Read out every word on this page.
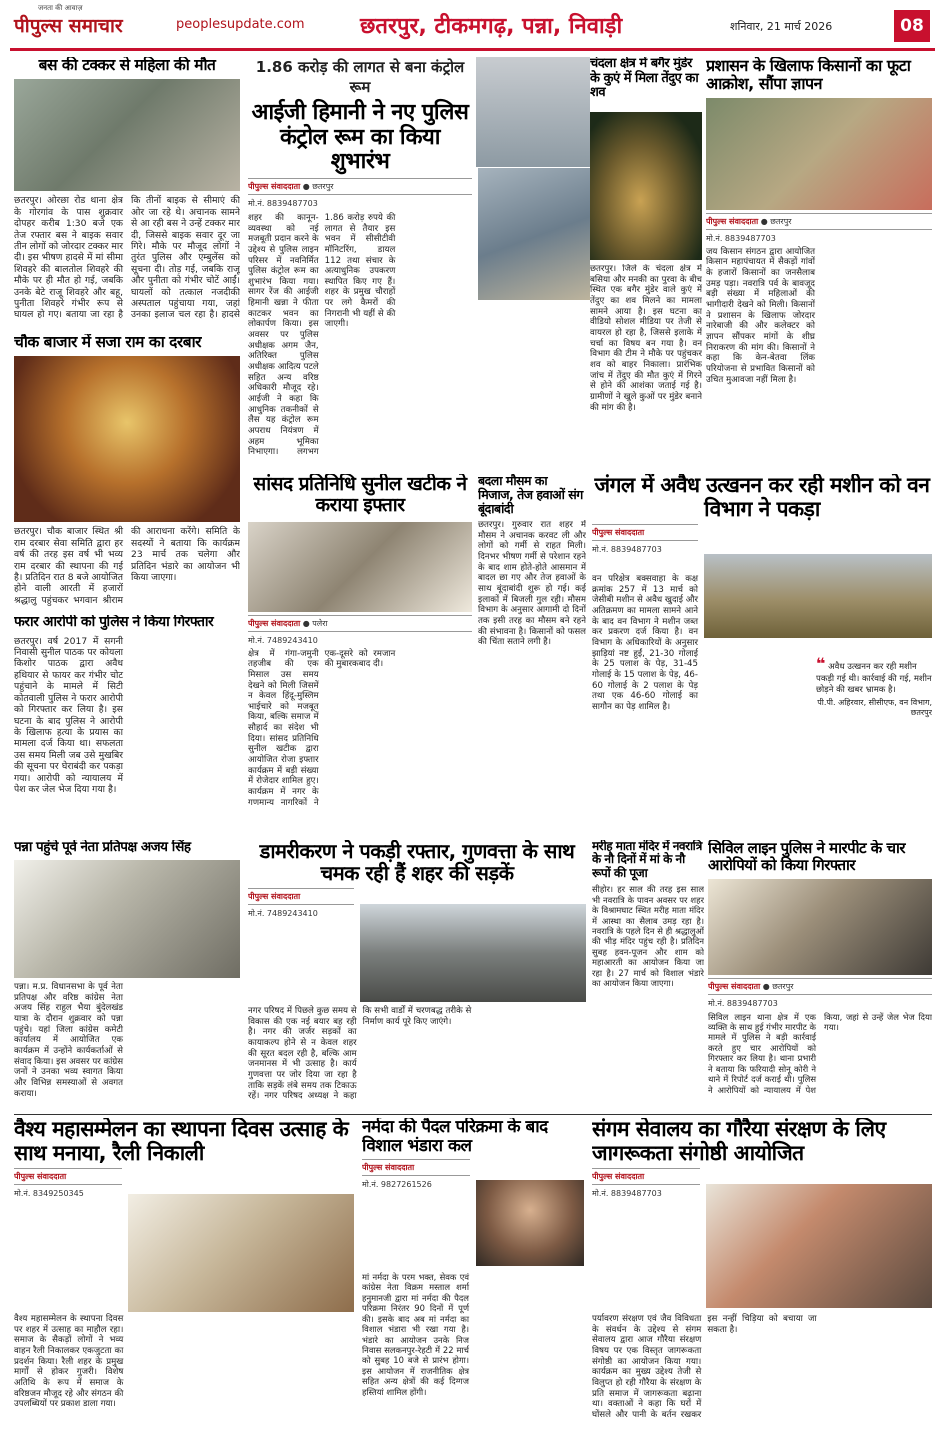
पीपुल्स समाचार
जनता की आवाज़
peoplesupdate.com	छतरपुर, टीकमगढ़, पन्ना, निवाड़ी	शनिवार, 21 मार्च 2026	08
बस की टक्कर से महिला की मौत
छतरपुर। ओरछा रोड थाना क्षेत्र के गोरगांव के पास शुक्रवार दोपहर करीब 1:30 बजे एक तेज रफ्तार बस ने बाइक सवार तीन लोगों को जोरदार टक्कर मार दी। इस भीषण हादसे में मां सीमा शिवहरे की बालतोल शिवहरे की मौके पर ही मौत हो गई, जबकि उनके बेटे राजू शिवहरे और बहू, पुनीता शिवहरे गंभीर रूप से घायल हो गए। बताया जा रहा है कि तीनों बाइक से सीमाएं की ओर जा रहे थे। अचानक सामने से आ रही बस ने उन्हें टक्कर मार दी, जिससे बाइक सवार दूर जा गिरे। मौके पर मौजूद लोगों ने तुरंत पुलिस और एम्बुलेंस को सूचना दी। तोड़ गई, जबकि राजू और पुनीता को गंभीर चोटें आईं। घायलों को तत्काल नजदीकी अस्पताल पहुंचाया गया, जहां उनका इलाज चल रहा है। हादसे
चौक बाजार में सजा राम का दरबार
छतरपुर। चौक बाजार स्थित श्री राम दरबार सेवा समिति द्वारा हर वर्ष की तरह इस वर्ष भी भव्य राम दरबार की स्थापना की गई है। प्रतिदिन रात 8 बजे आयोजित होने वाली आरती में हजारों श्रद्धालु पहुंचकर भगवान श्रीराम की आराधना करेंगे। समिति के सदस्यों ने बताया कि कार्यक्रम 23 मार्च तक चलेगा और प्रतिदिन भंडारे का आयोजन भी किया जाएगा।
फरार आरोपी को पुलिस ने किया गिरफ्तार
छतरपुर। वर्ष 2017 में सगनी निवासी सुनील पाठक पर कोयला किशोर पाठक द्वारा अवैध हथियार से फायर कर गंभीर चोट पहुंचाने के मामले में सिटी कोतवाली पुलिस ने फरार आरोपी को गिरफ्तार कर लिया है। इस घटना के बाद पुलिस ने आरोपी के खिलाफ हत्या के प्रयास का मामला दर्ज किया था। सफलता उस समय मिली जब उसे मुखबिर की सूचना पर घेराबंदी कर पकड़ा गया। आरोपी को न्यायालय में पेश कर जेल भेज दिया गया है।
1.86 करोड़ की लागत से बना कंट्रोल रूम
आईजी हिमानी ने नए पुलिस कंट्रोल रूम का किया शुभारंभ
पीपुल्स संवाददाता ● छतरपुर
मो.नं. 8839487703
शहर की कानून-व्यवस्था को नई मजबूती प्रदान करने के उद्देश्य से पुलिस लाइन परिसर में नवनिर्मित पुलिस कंट्रोल रूम का शुभारंभ किया गया। सागर रेंज की आईजी हिमानी खन्ना ने फीता काटकर भवन का लोकार्पण किया। इस अवसर पर पुलिस अधीक्षक अगम जैन, अतिरिक्त पुलिस अधीक्षक आदित्य पटले सहित अन्य वरिष्ठ अधिकारी मौजूद रहे। आईजी ने कहा कि आधुनिक तकनीकों से लैस यह कंट्रोल रूम अपराध नियंत्रण में अहम भूमिका निभाएगा। लगभग 1.86 करोड़ रुपये की लागत से तैयार इस भवन में सीसीटीवी मॉनिटरिंग, डायल 112 तथा संचार के अत्याधुनिक उपकरण स्थापित किए गए हैं। शहर के प्रमुख चौराहों पर लगे कैमरों की निगरानी भी यहीं से की जाएगी।
चंदला क्षेत्र में बगैर मुंडेर के कुएं में मिला तेंदुए का शव
छतरपुर। जिले के चंदला क्षेत्र में बसिया और मनकी का पुरवा के बीच स्थित एक बगैर मुंडेर वाले कुएं में तेंदुए का शव मिलने का मामला सामने आया है। इस घटना का वीडियो सोशल मीडिया पर तेजी से वायरल हो रहा है, जिससे इलाके में चर्चा का विषय बन गया है। वन विभाग की टीम ने मौके पर पहुंचकर शव को बाहर निकाला। प्रारंभिक जांच में तेंदुए की मौत कुएं में गिरने से होने की आशंका जताई गई है। ग्रामीणों ने खुले कुओं पर मुंडेर बनाने की मांग की है।
प्रशासन के खिलाफ किसानों का फूटा आक्रोश, सौंपा ज्ञापन
पीपुल्स संवाददाता ● छतरपुर
मो.नं. 8839487703
जय किसान संगठन द्वारा आयोजित किसान महापंचायत में सैकड़ों गांवों के हजारों किसानों का जनसैलाब उमड़ पड़ा। नवरात्रि पर्व के बावजूद बड़ी संख्या में महिलाओं की भागीदारी देखने को मिली। किसानों ने प्रशासन के खिलाफ जोरदार नारेबाजी की और कलेक्टर को ज्ञापन सौंपकर मांगों के शीघ्र निराकरण की मांग की। किसानों ने कहा कि केन-बेतवा लिंक परियोजना से प्रभावित किसानों को उचित मुआवजा नहीं मिला है।
सांसद प्रतिनिधि सुनील खटीक ने कराया इफ्तार
पीपुल्स संवाददाता ● पलेरा
मो.नं. 7489243410
क्षेत्र में गंगा-जमुनी तहजीब की एक मिसाल उस समय देखने को मिली जिसमें न केवल हिंदू-मुस्लिम भाईचारे को मजबूत किया, बल्कि समाज में सौहार्द का संदेश भी दिया। सांसद प्रतिनिधि सुनील खटीक द्वारा आयोजित रोजा इफ्तार कार्यक्रम में बड़ी संख्या में रोजेदार शामिल हुए। कार्यक्रम में नगर के गणमान्य नागरिकों ने एक-दूसरे को रमजान की मुबारकबाद दी।
बदला मौसम का मिजाज, तेज हवाओं संग बूंदाबांदी
छतरपुर। गुरुवार रात शहर में मौसम ने अचानक करवट ली और लोगों को गर्मी से राहत मिली। दिनभर भीषण गर्मी से परेशान रहने के बाद शाम होते-होते आसमान में बादल छा गए और तेज हवाओं के साथ बूंदाबांदी शुरू हो गई। कई इलाकों में बिजली गुल रही। मौसम विभाग के अनुसार आगामी दो दिनों तक इसी तरह का मौसम बने रहने की संभावना है। किसानों को फसल की चिंता सताने लगी है।
जंगल में अवैध उत्खनन कर रही मशीन को वन विभाग ने पकड़ा
पीपुल्स संवाददाता
मो.नं. 8839487703
वन परिक्षेत्र बक्सवाहा के कक्ष क्रमांक 257 में 13 मार्च को जेसीबी मशीन से अवैध खुदाई और अतिक्रमण का मामला सामने आने के बाद वन विभाग ने मशीन जब्त कर प्रकरण दर्ज किया है। वन विभाग के अधिकारियों के अनुसार झाड़ियां नष्ट हुईं, 21-30 गोलाई के 25 पलाश के पेड़, 31-45 गोलाई के 15 पलाश के पेड़, 46-60 गोलाई के 2 पलाश के पेड़ तथा एक 46-60 गोलाई का सागौन का पेड़ शामिल है।
❝ अवैध उत्खनन कर रही मशीन पकड़ी गई थी। कार्रवाई की गई, मशीन छोड़ने की खबर भ्रामक है।
पी.पी. अहिरवार, सीसीएफ, वन विभाग, छतरपुर
पन्ना पहुंचे पूर्व नेता प्रतिपक्ष अजय सिंह
पन्ना। म.प्र. विधानसभा के पूर्व नेता प्रतिपक्ष और वरिष्ठ कांग्रेस नेता अजय सिंह राहुल भैया बुंदेलखंड यात्रा के दौरान शुक्रवार को पन्ना पहुंचे। यहां जिला कांग्रेस कमेटी कार्यालय में आयोजित एक कार्यक्रम में उन्होंने कार्यकर्ताओं से संवाद किया। इस अवसर पर कांग्रेस जनों ने उनका भव्य स्वागत किया और विभिन्न समस्याओं से अवगत कराया।
डामरीकरण ने पकड़ी रफ्तार, गुणवत्ता के साथ चमक रही हैं शहर की सड़कें
पीपुल्स संवाददाता
मो.नं. 7489243410
नगर परिषद में पिछले कुछ समय से विकास की एक नई बयार बह रही है। नगर की जर्जर सड़कों का कायाकल्प होने से न केवल शहर की सूरत बदल रही है, बल्कि आम जनमानस में भी उत्साह है। कार्य गुणवत्ता पर जोर दिया जा रहा है ताकि सड़कें लंबे समय तक टिकाऊ रहें। नगर परिषद अध्यक्ष ने कहा कि सभी वार्डों में चरणबद्ध तरीके से निर्माण कार्य पूरे किए जाएंगे।
मरीह माता मंदिर में नवरात्रि के नौ दिनों में मां के नौ रूपों की पूजा
सीहोर। हर साल की तरह इस साल भी नवरात्रि के पावन अवसर पर शहर के विश्रामघाट स्थित मरीह माता मंदिर में आस्था का सैलाब उमड़ रहा है। नवरात्रि के पहले दिन से ही श्रद्धालुओं की भीड़ मंदिर पहुंच रही है। प्रतिदिन सुबह हवन-पूजन और शाम को महाआरती का आयोजन किया जा रहा है। 27 मार्च को विशाल भंडारे का आयोजन किया जाएगा।
सिविल लाइन पुलिस ने मारपीट के चार आरोपियों को किया गिरफ्तार
पीपुल्स संवाददाता ● छतरपुर
मो.नं. 8839487703
सिविल लाइन थाना क्षेत्र में एक व्यक्ति के साथ हुई गंभीर मारपीट के मामले में पुलिस ने बड़ी कार्रवाई करते हुए चार आरोपियों को गिरफ्तार कर लिया है। थाना प्रभारी ने बताया कि फरियादी सोनू कोरी ने थाने में रिपोर्ट दर्ज कराई थी। पुलिस ने आरोपियों को न्यायालय में पेश किया, जहां से उन्हें जेल भेज दिया गया।
वैश्य महासम्मेलन का स्थापना दिवस उत्साह के साथ मनाया, रैली निकाली
पीपुल्स संवाददाता
मो.नं. 8349250345
वैश्य महासम्मेलन के स्थापना दिवस पर शहर में उत्साह का माहौल रहा। समाज के सैकड़ों लोगों ने भव्य वाहन रैली निकालकर एकजुटता का प्रदर्शन किया। रैली शहर के प्रमुख मार्गों से होकर गुजरी। विशेष अतिथि के रूप में समाज के वरिष्ठजन मौजूद रहे और संगठन की उपलब्धियों पर प्रकाश डाला गया।
नर्मदा की पैदल परिक्रमा के बाद विशाल भंडारा कल
पीपुल्स संवाददाता
मो.नं. 9827261526
मां नर्मदा के परम भक्त, सेवक एवं कांग्रेस नेता विक्रम मस्ताल शर्मा हनुमानजी द्वारा मां नर्मदा की पैदल परिक्रमा निरंतर 90 दिनों में पूर्ण की। इसके बाद अब मां नर्मदा का विशाल भंडारा भी रखा गया है। भंडारे का आयोजन उनके निज निवास सलकनपुर-रेहटी में 22 मार्च को सुबह 10 बजे से प्रारंभ होगा। इस आयोजन में राजनीतिक क्षेत्र सहित अन्य क्षेत्रों की कई दिग्गज हस्तियां शामिल होंगी।
संगम सेवालय का गौरैया संरक्षण के लिए जागरूकता संगोष्ठी आयोजित
पीपुल्स संवाददाता
मो.नं. 8839487703
पर्यावरण संरक्षण एवं जैव विविधता के संवर्धन के उद्देश्य से संगम सेवालय द्वारा आज गौरैया संरक्षण विषय पर एक विस्तृत जागरूकता संगोष्ठी का आयोजन किया गया। कार्यक्रम का मुख्य उद्देश्य तेजी से विलुप्त हो रही गौरैया के संरक्षण के प्रति समाज में जागरूकता बढ़ाना था। वक्ताओं ने कहा कि घरों में घोंसले और पानी के बर्तन रखकर इस नन्हीं चिड़िया को बचाया जा सकता है।
